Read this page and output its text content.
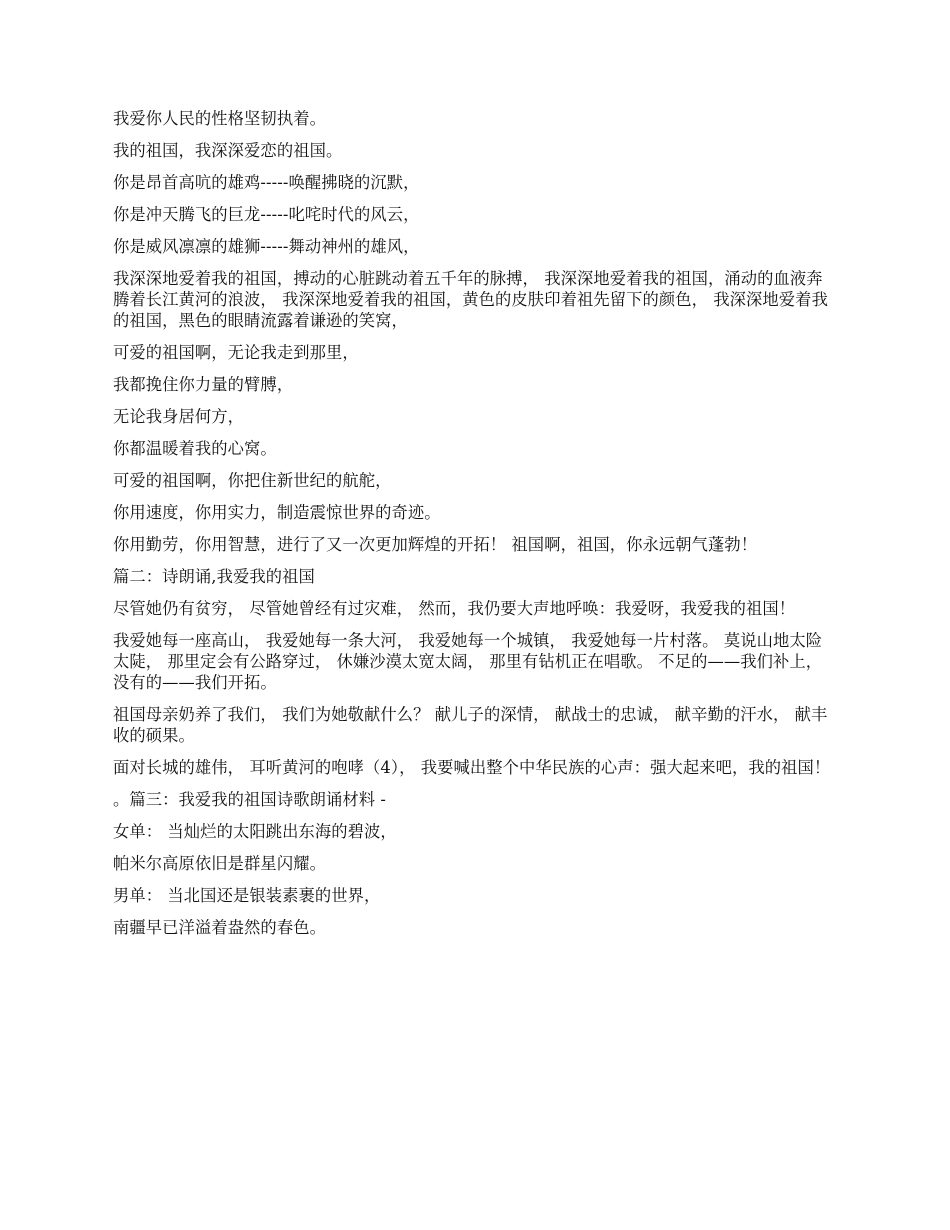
我爱你人民的性格坚韧执着。

我的祖国，我深深爱恋的祖国。

你是昂首高吭的雄鸡-----唤醒拂晓的沉默，

你是冲天腾飞的巨龙-----叱咤时代的风云，

你是威风凛凛的雄狮-----舞动神州的雄风，

我深深地爱着我的祖国，搏动的心脏跳动着五千年的脉搏， 我深深地爱着我的祖国，涌动的血液奔腾着长江黄河的浪波， 我深深地爱着我的祖国，黄色的皮肤印着祖先留下的颜色， 我深深地爱着我的祖国，黑色的眼睛流露着谦逊的笑窝，

可爱的祖国啊，无论我走到那里，

我都挽住你力量的臂膊，

无论我身居何方，

你都温暖着我的心窝。

可爱的祖国啊，你把住新世纪的航舵，

你用速度，你用实力，制造震惊世界的奇迹。

你用勤劳，你用智慧，进行了又一次更加辉煌的开拓！ 祖国啊，祖国，你永远朝气蓬勃！

篇二：诗朗诵,我爱我的祖国

尽管她仍有贫穷， 尽管她曾经有过灾难， 然而，我仍要大声地呼唤：我爱呀，我爱我的祖国！

我爱她每一座高山， 我爱她每一条大河， 我爱她每一个城镇， 我爱她每一片村落。 莫说山地太险太陡， 那里定会有公路穿过， 休嫌沙漠太宽太阔， 那里有钻机正在唱歌。 不足的——我们补上， 没有的——我们开拓。

祖国母亲奶养了我们， 我们为她敬献什么？ 献儿子的深情， 献战士的忠诚， 献辛勤的汗水， 献丰收的硕果。

面对长城的雄伟， 耳听黄河的咆哮（4）， 我要喊出整个中华民族的心声：强大起来吧，我的祖国！

。篇三：我爱我的祖国诗歌朗诵材料 -

女单： 当灿烂的太阳跳出东海的碧波，

帕米尔高原依旧是群星闪耀。

男单： 当北国还是银装素裹的世界，

南疆早已洋溢着盎然的春色。
